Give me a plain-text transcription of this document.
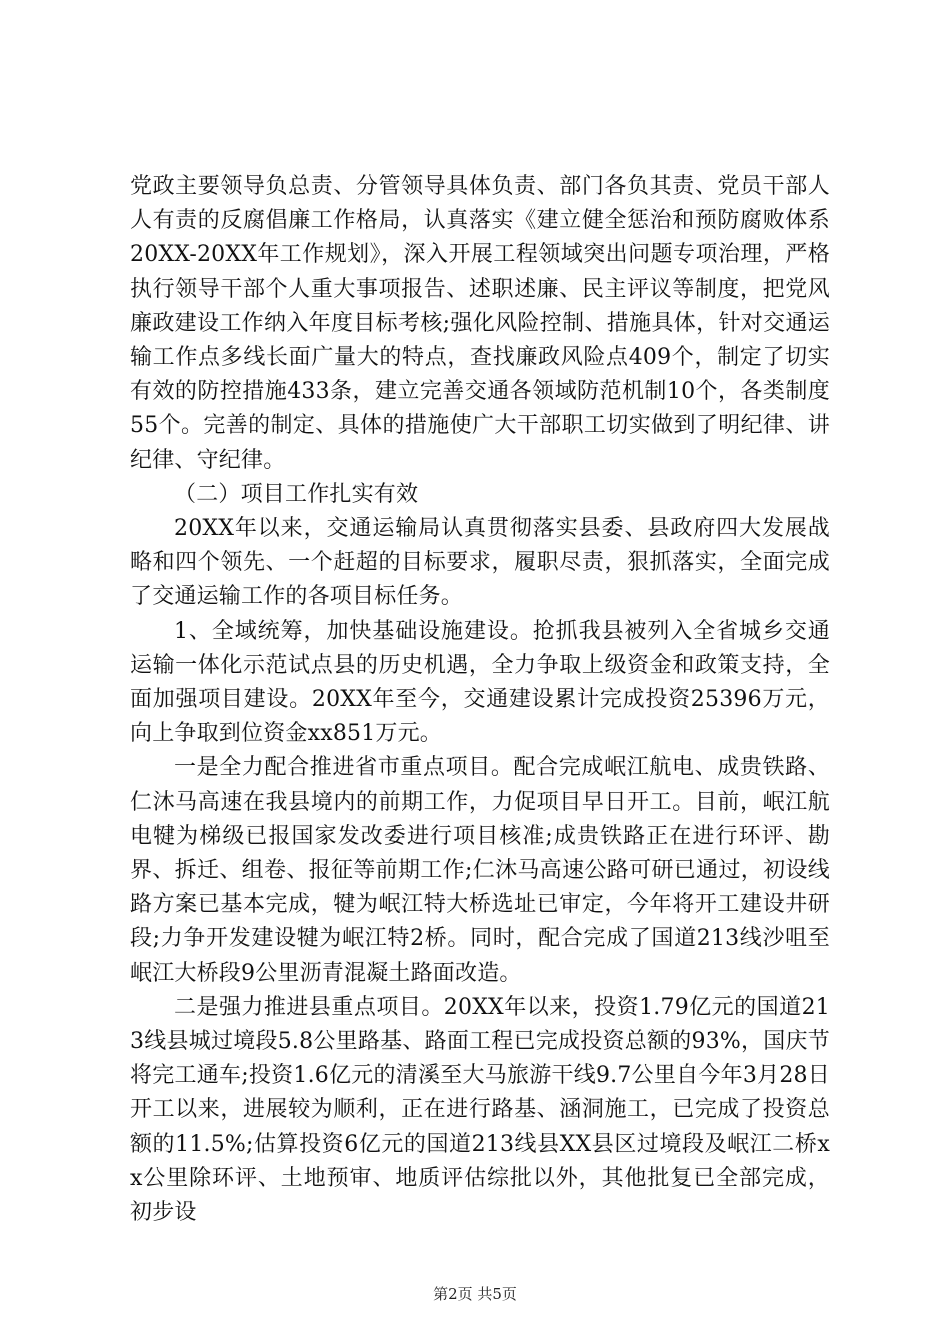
党政主要领导负总责、分管领导具体负责、部门各负其责、党员干部人人有责的反腐倡廉工作格局，认真落实《建立健全惩治和预防腐败体系20XX-20XX年工作规划》，深入开展工程领域突出问题专项治理，严格执行领导干部个人重大事项报告、述职述廉、民主评议等制度，把党风廉政建设工作纳入年度目标考核;强化风险控制、措施具体，针对交通运输工作点多线长面广量大的特点，查找廉政风险点409个，制定了切实有效的防控措施433条，建立完善交通各领域防范机制10个，各类制度55个。完善的制定、具体的措施使广大干部职工切实做到了明纪律、讲纪律、守纪律。

（二）项目工作扎实有效

20XX年以来，交通运输局认真贯彻落实县委、县政府四大发展战略和四个领先、一个赶超的目标要求，履职尽责，狠抓落实，全面完成了交通运输工作的各项目标任务。

1、全域统筹，加快基础设施建设。抢抓我县被列入全省城乡交通运输一体化示范试点县的历史机遇，全力争取上级资金和政策支持，全面加强项目建设。20XX年至今，交通建设累计完成投资25396万元，向上争取到位资金xx851万元。

一是全力配合推进省市重点项目。配合完成岷江航电、成贵铁路、仁沐马高速在我县境内的前期工作，力促项目早日开工。目前，岷江航电犍为梯级已报国家发改委进行项目核准;成贵铁路正在进行环评、勘界、拆迁、组卷、报征等前期工作;仁沐马高速公路可研已通过，初设线路方案已基本完成，犍为岷江特大桥选址已审定，今年将开工建设井研段;力争开发建设犍为岷江特2桥。同时，配合完成了国道213线沙咀至岷江大桥段9公里沥青混凝土路面改造。

二是强力推进县重点项目。20XX年以来，投资1.79亿元的国道213线县城过境段5.8公里路基、路面工程已完成投资总额的93%，国庆节将完工通车;投资1.6亿元的清溪至大马旅游干线9.7公里自今年3月28日开工以来，进展较为顺利，正在进行路基、涵洞施工，已完成了投资总额的11.5%;估算投资6亿元的国道213线县XX县区过境段及岷江二桥xx公里除环评、土地预审、地质评估综批以外，其他批复已全部完成，初步设

第2页 共5页
